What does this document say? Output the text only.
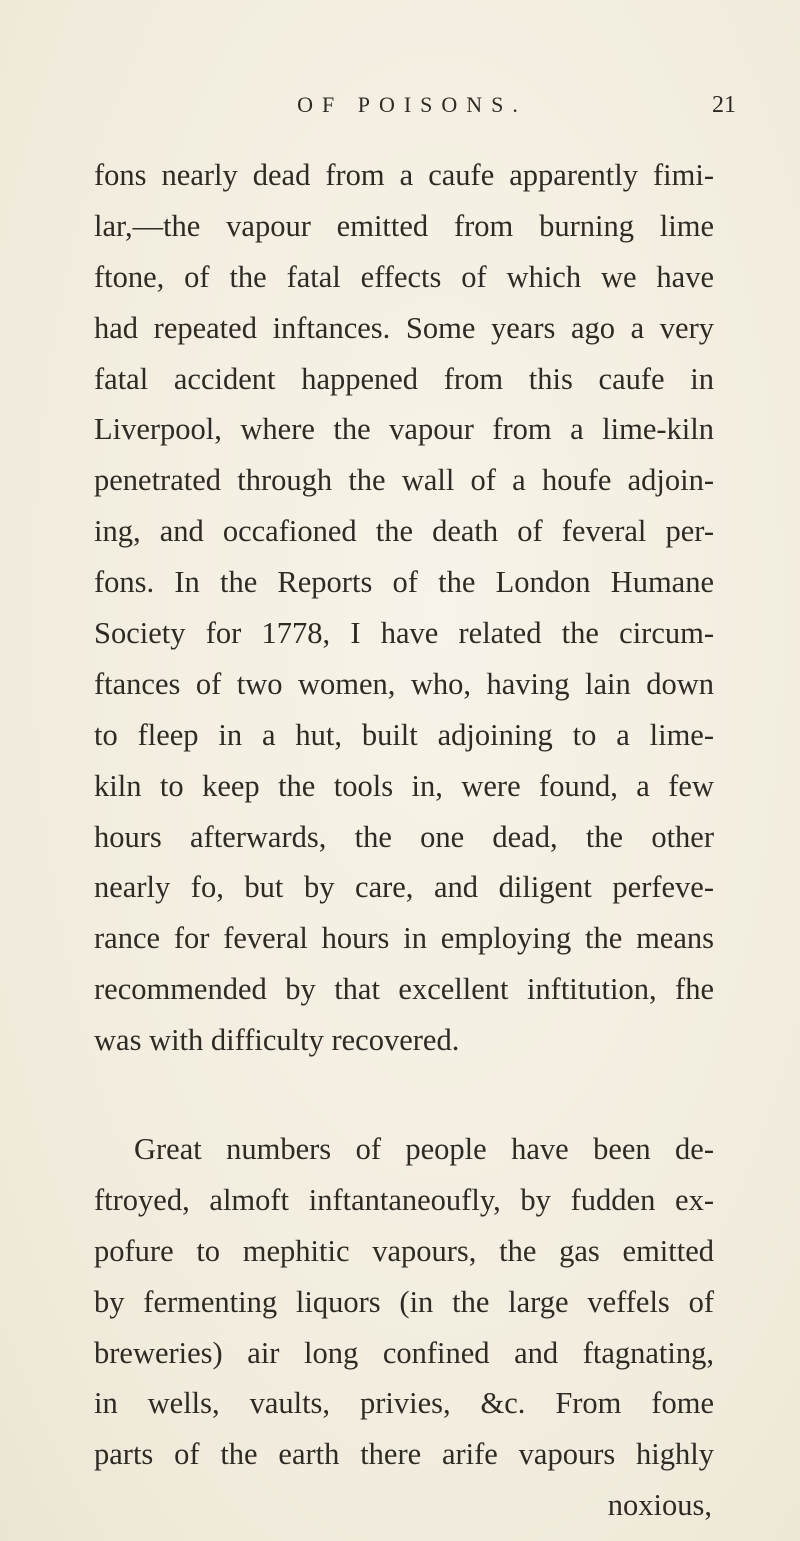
OF POISONS.	21
fons nearly dead from a caufe apparently fimi-
lar,—the vapour emitted from burning lime
ftone, of the fatal effects of which we have
had repeated inftances. Some years ago a very
fatal accident happened from this caufe in
Liverpool, where the vapour from a lime-kiln
penetrated through the wall of a houfe adjoin-
ing, and occafioned the death of feveral per-
fons. In the Reports of the London Humane
Society for 1778, I have related the circum-
ftances of two women, who, having lain down
to fleep in a hut, built adjoining to a lime-
kiln to keep the tools in, were found, a few
hours afterwards, the one dead, the other
nearly fo, but by care, and diligent perfeve-
rance for feveral hours in employing the means
recommended by that excellent inftitution, fhe
was with difficulty recovered.
Great numbers of people have been de-
ftroyed, almoft inftantaneoufly, by fudden ex-
pofure to mephitic vapours, the gas emitted
by fermenting liquors (in the large veffels of
breweries) air long confined and ftagnating,
in wells, vaults, privies, &c. From fome
parts of the earth there arife vapours highly
noxious,
